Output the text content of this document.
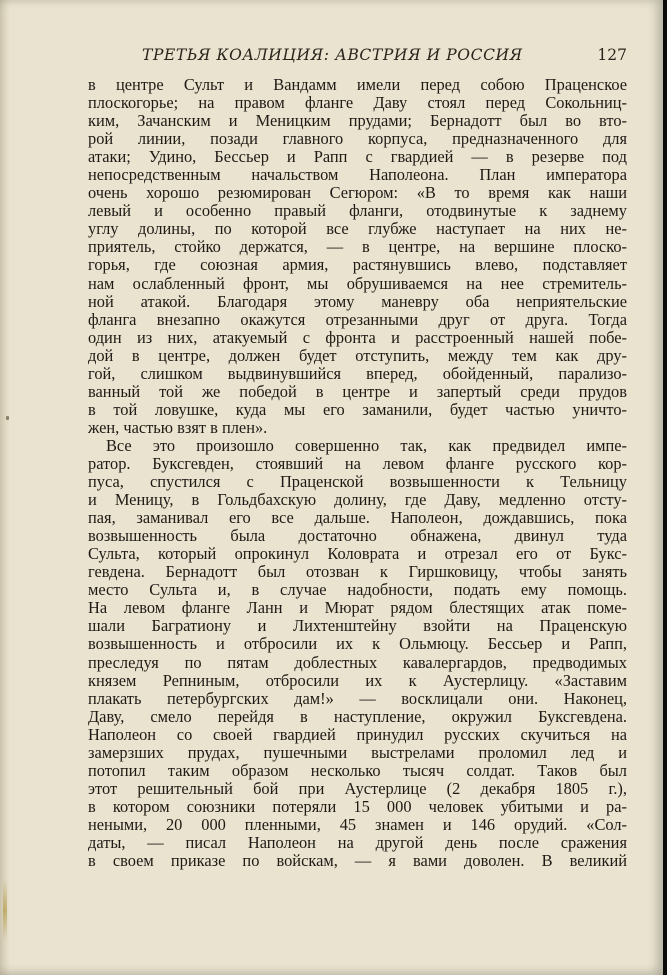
ТРЕТЬЯ КОАЛИЦИЯ: АВСТРИЯ И РОССИЯ	127
в центре Сульт и Вандамм имели перед собою Праценское
плоскогорье; на правом фланге Даву стоял перед Сокольниц-
ким, Зачанским и Меницким прудами; Бернадотт был во вто-
рой линии, позади главного корпуса, предназначенного для
атаки; Удино, Бессьер и Рапп с гвардией — в резерве под
непосредственным начальством Наполеона. План императора
очень хорошо резюмирован Сегюром: «В то время как наши
левый и особенно правый фланги, отодвинутые к заднему
углу долины, по которой все глубже наступает на них не-
приятель, стойко держатся, — в центре, на вершине плоско-
горья, где союзная армия, растянувшись влево, подставляет
нам ослабленный фронт, мы обрушиваемся на нее стремитель-
ной атакой. Благодаря этому маневру оба неприятельские
фланга внезапно окажутся отрезанными друг от друга. Тогда
один из них, атакуемый с фронта и расстроенный нашей побе-
дой в центре, должен будет отступить, между тем как дру-
гой, слишком выдвинувшийся вперед, обойденный, парализо-
ванный той же победой в центре и запертый среди прудов
в той ловушке, куда мы его заманили, будет частью уничто-
жен, частью взят в плен».
Все это произошло совершенно так, как предвидел импе-
ратор. Буксгевден, стоявший на левом фланге русского кор-
пуса, спустился с Праценской возвышенности к Тельницу
и Меницу, в Гольдбахскую долину, где Даву, медленно отсту-
пая, заманивал его все дальше. Наполеон, дождавшись, пока
возвышенность была достаточно обнажена, двинул туда
Сульта, который опрокинул Коловрата и отрезал его от Букс-
гевдена. Бернадотт был отозван к Гиршковицу, чтобы занять
место Сульта и, в случае надобности, подать ему помощь.
На левом фланге Ланн и Мюрат рядом блестящих атак поме-
шали Багратиону и Лихтенштейну взойти на Праценскую
возвышенность и отбросили их к Ольмюцу. Бессьер и Рапп,
преследуя по пятам доблестных кавалергардов, предводимых
князем Репниным, отбросили их к Аустерлицу. «Заставим
плакать петербургских дам!» — восклицали они. Наконец,
Даву, смело перейдя в наступление, окружил Буксгевдена.
Наполеон со своей гвардией принудил русских скучиться на
замерзших прудах, пушечными выстрелами проломил лед и
потопил таким образом несколько тысяч солдат. Таков был
этот решительный бой при Аустерлице (2 декабря 1805 г.),
в котором союзники потеряли 15 000 человек убитыми и ра-
неными, 20 000 пленными, 45 знамен и 146 орудий. «Сол-
даты, — писал Наполеон на другой день после сражения
в своем приказе по войскам, — я вами доволен. В великий
